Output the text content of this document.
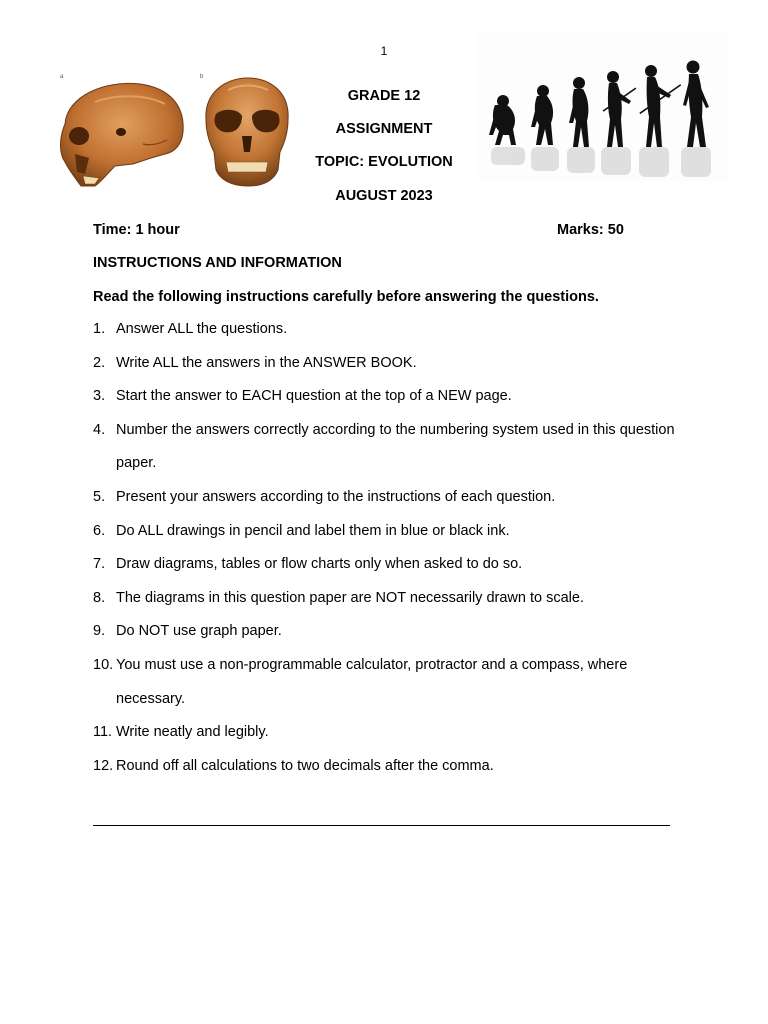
1
a	b
GRADE 12
ASSIGNMENT
TOPIC: EVOLUTION
AUGUST 2023
Time: 1 hour	Marks: 50
INSTRUCTIONS AND INFORMATION
Read the following instructions carefully before answering the questions.
1. Answer ALL the questions.
2. Write ALL the answers in the ANSWER BOOK.
3. Start the answer to EACH question at the top of a NEW page.
4. Number the answers correctly according to the numbering system used in this question paper.
5. Present your answers according to the instructions of each question.
6. Do ALL drawings in pencil and label them in blue or black ink.
7. Draw diagrams, tables or flow charts only when asked to do so.
8. The diagrams in this question paper are NOT necessarily drawn to scale.
9. Do NOT use graph paper.
10. You must use a non-programmable calculator, protractor and a compass, where necessary.
11. Write neatly and legibly.
12. Round off all calculations to two decimals after the comma.
